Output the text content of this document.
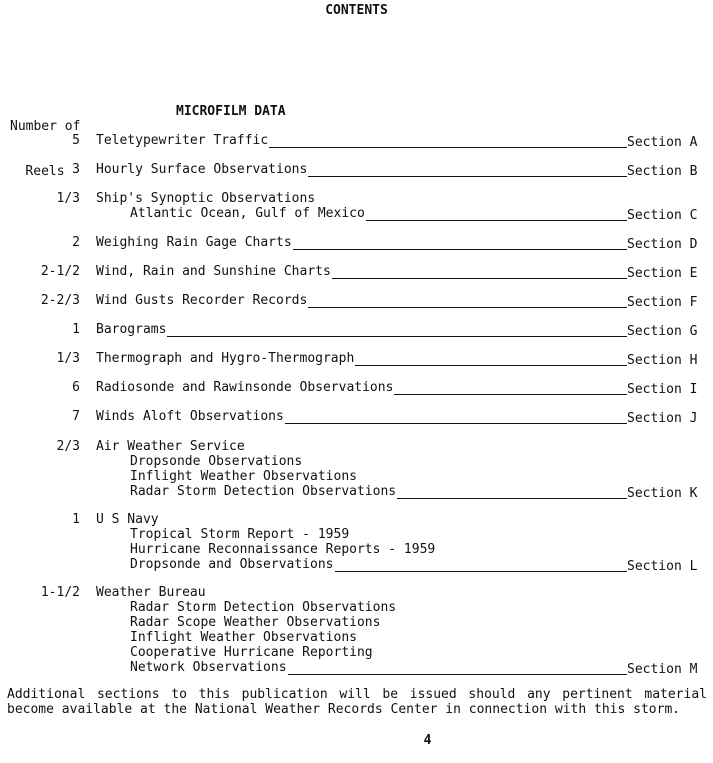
CONTENTS

Number of

Reels

MICROFILM DATA
5 Teletypewriter Traffic	Section A
3 Hourly Surface Observations	Section B
1/3 Ship's Synoptic Observations
Atlantic Ocean, Gulf of Mexico	Section C
2 Weighing Rain Gage Charts	Section D
2-1/2 Wind, Rain and Sunshine Charts	Section E
2-2/3 Wind Gusts Recorder Records	Section F
1 Barograms	Section G
1/3 Thermograph and Hygro-Thermograph	Section H
6 Radiosonde and Rawinsonde Observations	Section I
7 Winds Aloft Observations	Section J
2/3 Air Weather Service
Dropsonde Observations
Inflight Weather Observations
Radar Storm Detection Observations	Section K
1 U S Navy
Tropical Storm Report - 1959
Hurricane Reconnaissance Reports - 1959
Dropsonde and Observations	Section L
1-1/2 Weather Bureau
Radar Storm Detection Observations
Radar Scope Weather Observations
Inflight Weather Observations
Cooperative Hurricane Reporting
Network Observations	Section M
Additional sections to this publication will be issued should any pertinent material become available at the National Weather Records Center in connection with this storm.
4
